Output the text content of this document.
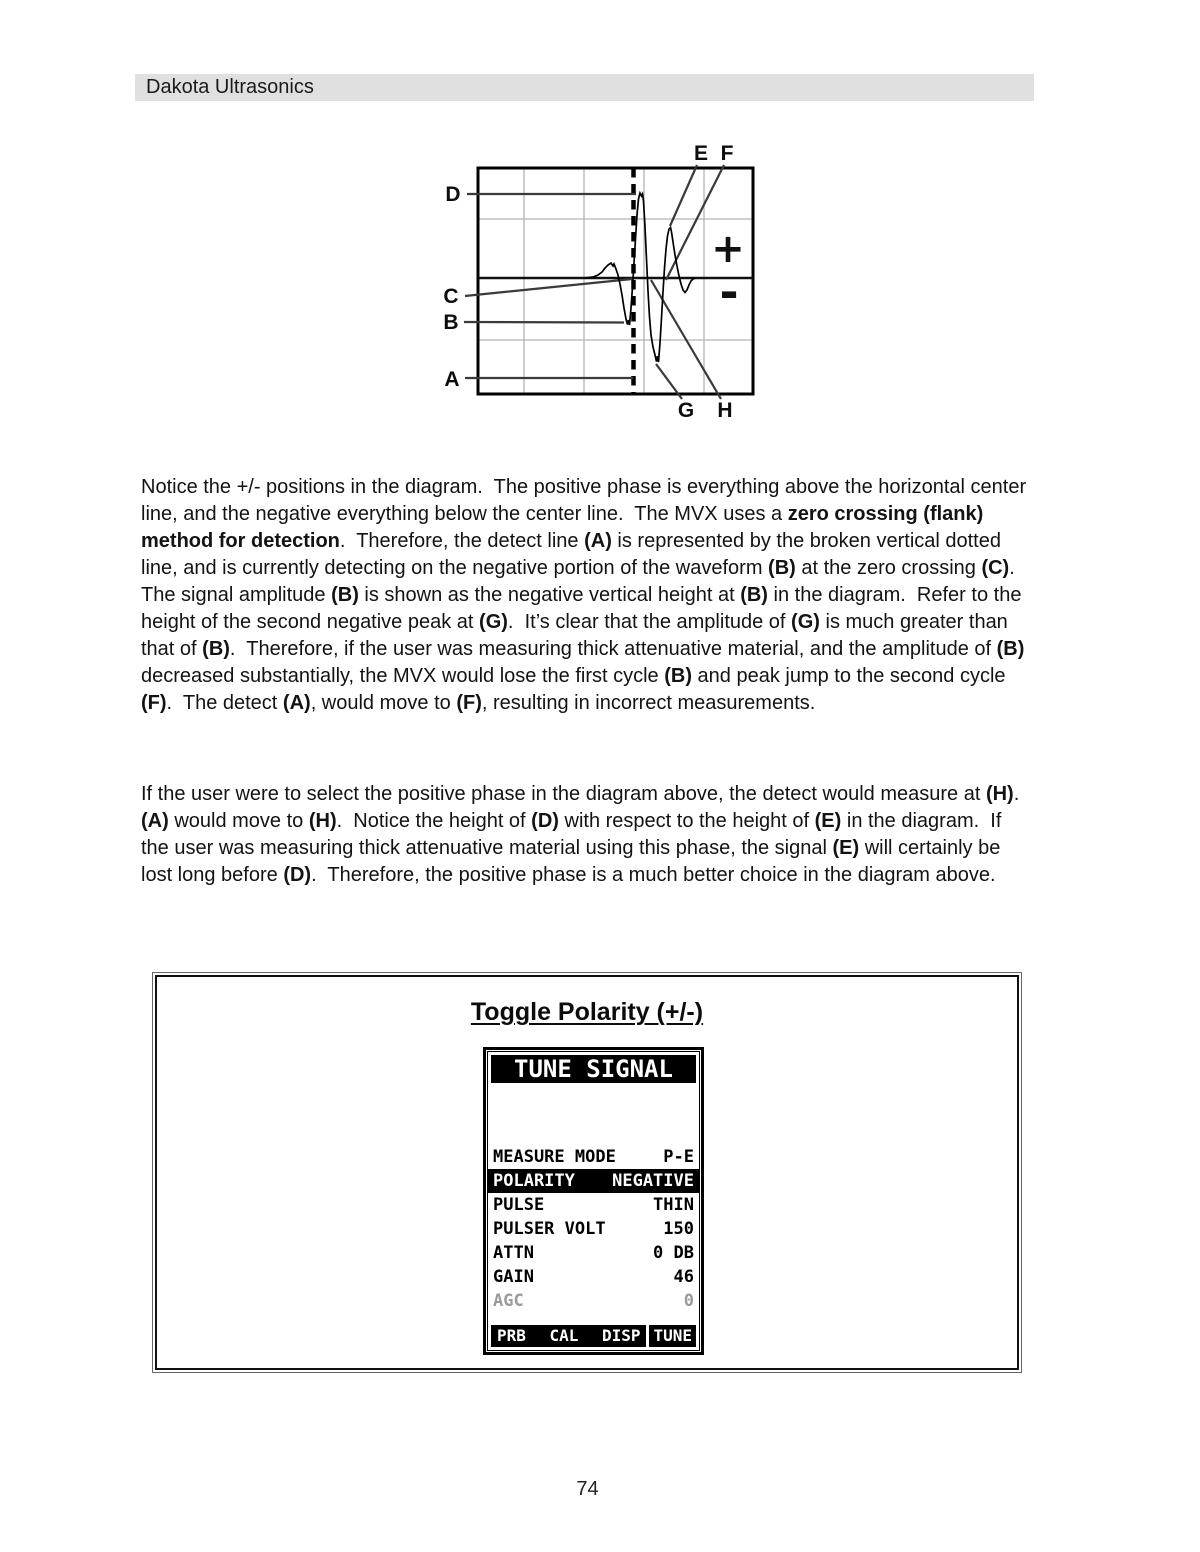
Dakota Ultrasonics
D
C
B
A
E F
G H
+
-

Notice the +/- positions in the diagram.  The positive phase is everything above the horizontal center line, and the negative everything below the center line.  The MVX uses a zero crossing (flank) method for detection.  Therefore, the detect line (A) is represented by the broken vertical dotted line, and is currently detecting on the negative portion of the waveform (B) at the zero crossing (C).  The signal amplitude (B) is shown as the negative vertical height at (B) in the diagram.  Refer to the height of the second negative peak at (G).  It’s clear that the amplitude of (G) is much greater than that of (B).  Therefore, if the user was measuring thick attenuative material, and the amplitude of (B) decreased substantially, the MVX would lose the first cycle (B) and peak jump to the second cycle (F).  The detect (A), would move to (F), resulting in incorrect measurements.

If the user were to select the positive phase in the diagram above, the detect would measure at (H).  (A) would move to (H).  Notice the height of (D) with respect to the height of (E) in the diagram.  If the user was measuring thick attenuative material using this phase, the signal (E) will certainly be lost long before (D).  Therefore, the positive phase is a much better choice in the diagram above.

Toggle Polarity (+/-)
TUNE SIGNAL
MEASURE MODE	P-E
POLARITY NEGATIVE
PULSE	THIN
PULSER VOLT	150
ATTN	0 DB
GAIN	46
AGC	0
PRB CAL DISP TUNE
74
